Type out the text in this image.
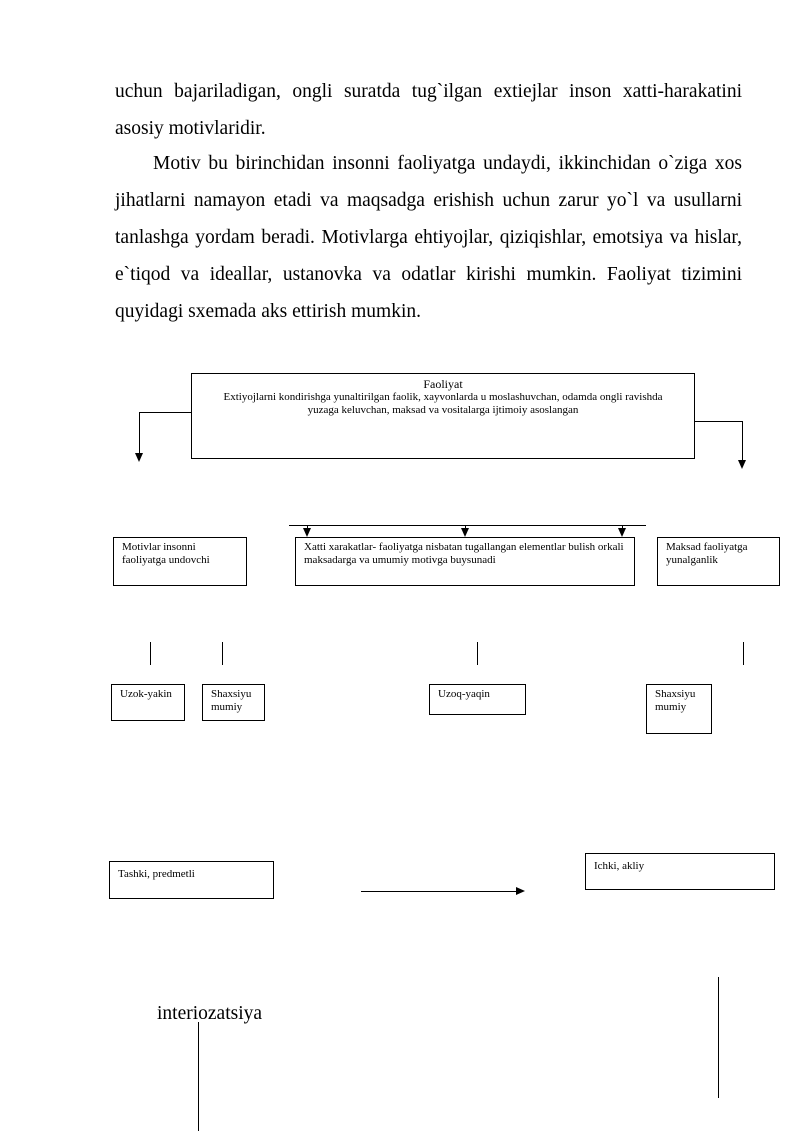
uchun bajariladigan, ongli suratda tug`ilgan extiejlar inson xatti-harakatini asosiy motivlaridir.

Motiv bu birinchidan insonni faoliyatga undaydi, ikkinchidan o`ziga xos jihatlarni namayon etadi va maqsadga erishish uchun zarur yo`l va usullarni tanlashga yordam beradi. Motivlarga ehtiyojlar, qiziqishlar, emotsiya va hislar, e`tiqod va ideallar, ustanovka va odatlar kirishi mumkin. Faoliyat tizimini quyidagi sxemada aks ettirish mumkin.

Faoliyat
Extiyojlarni kondirishga yunaltirilgan faolik, xayvonlarda u moslashuvchan, odamda ongli ravishda yuzaga keluvchan, maksad va vositalarga ijtimoiy asoslangan
Motivlar insonni faoliyatga undovchi
Xatti xarakatlar- faoliyatga nisbatan tugallangan elementlar bulish orkali maksadarga va umumiy motivga buysunadi
Maksad faoliyatga yunalganlik
Uzok-yakin	Shaxsiyu mumiy
Uzoq-yaqin	Shaxsiyu mumiy
Tashki, predmetli
Ichki, akliy
interiozatsiya
